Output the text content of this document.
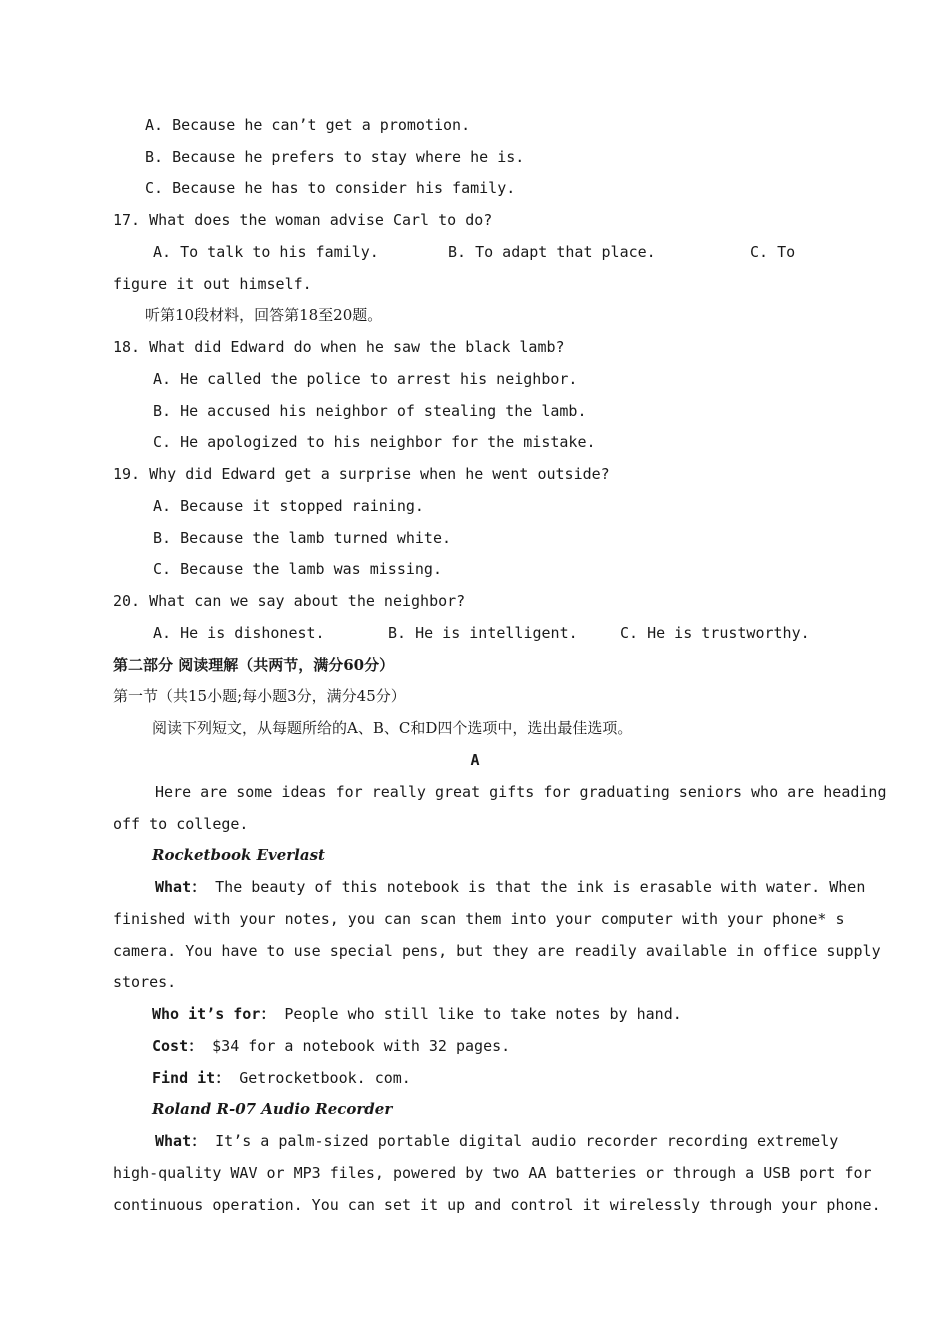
A. Because he can’t get a promotion.
B. Because he prefers to stay where he is.
C. Because he has to consider his family.
17. What does the woman advise Carl to do?
A. To talk to his family.	B. To adapt that place.	C. To
figure it out himself.
听第10段材料，回答第18至20题。
18. What did Edward do when he saw the black lamb?
A. He called the police to arrest his neighbor.
B. He accused his neighbor of stealing the lamb.
C. He apologized to his neighbor for the mistake.
19. Why did Edward get a surprise when he went outside?
A. Because it stopped raining.
B. Because the lamb turned white.
C. Because the lamb was missing.
20. What can we say about the neighbor?
A. He is dishonest.	B. He is intelligent.	C. He is trustworthy.
第二部分 阅读理解（共两节，满分60分）
第一节（共15小题;每小题3分，满分45分）
阅读下列短文，从每题所给的A、B、C和D四个选项中，选出最佳选项。
A
Here are some ideas for really great gifts for graduating seniors who are heading
off to college.
Rocketbook Everlast
What： The beauty of this notebook is that the ink is erasable with water. When
finished with your notes, you can scan them into your computer with your phone* s
camera. You have to use special pens, but they are readily available in office supply
stores.
Who it’s for： People who still like to take notes by hand.
Cost： $34 for a notebook with 32 pages.
Find it： Getrocketbook. com.
Roland R-07 Audio Recorder
What： It’s a palm-sized portable digital audio recorder recording extremely
high-quality WAV or MP3 files, powered by two AA batteries or through a USB port for
continuous operation. You can set it up and control it wirelessly through your phone.
